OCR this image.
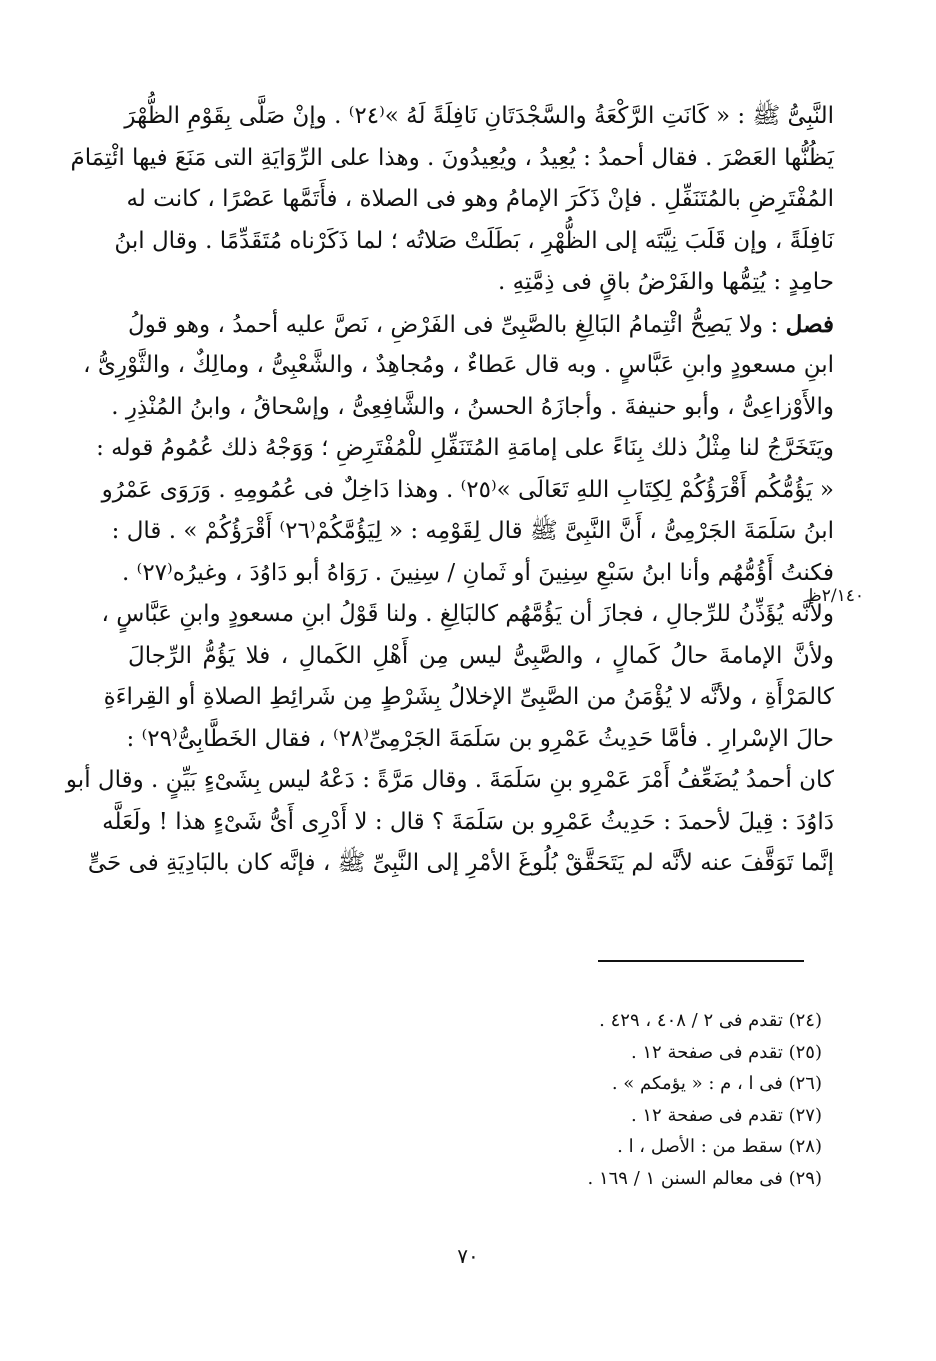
النَّبِىُّ ﷺ : « كَانَتِ الرَّكْعَةُ والسَّجْدَتَانِ نَافِلَةً لَهُ »⁽٢٤⁾ . وإنْ صَلَّى بِقَوْمِ الظُّهْرَ
يَظُنُّها العَصْرَ . فقال أحمدُ : يُعِيدُ ، ويُعِيدُونَ . وهذا على الرِّوَايَةِ التى مَنَعَ فيها ائْتِمَامَ
المُفْتَرِضِ بالمُتَنَفِّلِ . فإنْ ذَكَرَ الإمامُ وهو فى الصلاة ، فأَتَمَّها عَصْرًا ، كانت له
نَافِلَةً ، وإن قَلَبَ نِيَّتَه إلى الظُّهْرِ ، بَطَلَتْ صَلاتُه ؛ لما ذَكَرْناه مُتَقَدِّمًا . وقال ابنُ
حامِدٍ : يُتِمُّها والفَرْضُ باقٍ فى ذِمَّتِهِ .
فصل : ولا يَصِحُّ ائْتِمامُ البَالِغِ بالصَّبِىِّ فى الفَرْضِ ، نَصَّ عليه أحمدُ ، وهو قولُ
ابنِ مسعودٍ وابنِ عَبَّاسٍ . وبه قال عَطاءٌ ، ومُجاهِدٌ ، والشَّعْبِىُّ ، ومالِكٌ ، والثَّوْرِىُّ ،
والأَوْزاعِىُّ ، وأبو حنيفةَ . وأجازَهُ الحسنُ ، والشَّافِعِىُّ ، وإسْحاقُ ، وابنُ المُنْذِرِ .
ويَتَخَرَّجُ لنا مِثْلُ ذلك بِنَاءً على إمامَةِ المُتَنَفِّلِ للْمُفْتَرِضِ ؛ وَوَجْهُ ذلك عُمُومُ قوله :
« يَؤُمُّكُم أَقْرَؤُكُمْ لِكِتَابِ اللهِ تَعَالَى »⁽٢٥⁾ . وهذا دَاخِلٌ فى عُمُومِهِ . وَرَوَى عَمْرُو
ابنُ سَلَمَةَ الجَرْمِىُّ ، أَنَّ النَّبِىَّ ﷺ قال لِقَوْمِه : « لِيَؤُمَّكُمْ⁽٢٦⁾ أَقْرَؤُكُمْ » . قال :
فكنتُ أَؤُمُّهُم وأنا ابنُ سَبْعِ سِنِينَ أو ثَمانِ / سِنِينَ . رَوَاهُ أبو دَاوُدَ ، وغيرُه⁽٢٧⁾ .
ولأنَّه يُؤَذِّنُ للرِّجالِ ، فجازَ أن يَؤُمَّهُم كالبَالِغِ . ولنا قَوْلُ ابنِ مسعودٍ وابنِ عَبَّاسٍ ،
ولأنَّ الإمامةَ حالُ كَمالٍ ، والصَّبِىُّ ليس مِن أَهْلِ الكَمالِ ، فلا يَؤُمُّ الرِّجالَ
كالمَرْأَةِ ، ولأنَّه لا يُؤْمَنُ من الصَّبِىِّ الإخلالُ بِشَرْطٍ مِن شَرائِطِ الصلاةِ أو القِراءَةِ
حالَ الإسْرارِ . فأمَّا حَدِيثُ عَمْرِو بن سَلَمَةَ الجَرْمِىِّ⁽٢٨⁾ ، فقال الخَطَّابِىُّ⁽٢٩⁾ :
كان أحمدُ يُضَعِّفُ أَمْرَ عَمْرِو بنِ سَلَمَةَ . وقال مَرَّةً : دَعْهُ ليس بِشَىْءٍ بَيِّنٍ . وقال أبو
دَاوُدَ : قِيلَ لأحمدَ : حَدِيثُ عَمْرِو بن سَلَمَةَ ؟ قال : لا أَدْرِى أَىُّ شَىْءٍ هذا ! ولَعَلَّه
إنَّما تَوَقَّفَ عنه لأنَّه لم يَتَحَقَّقْ بُلُوغَ الأمْرِ إلى النَّبِىِّ ﷺ ، فإنَّه كان بالبَادِيَةِ فى حَىٍّ
٢/١٤٠ظ
(٢٤) تقدم فى ٢ / ٤٠٨ ، ٤٢٩ .
(٢٥) تقدم فى صفحة ١٢ .
(٢٦) فى ا ، م : « يؤمكم » .
(٢٧) تقدم فى صفحة ١٢ .
(٢٨) سقط من : الأصل ، ا .
(٢٩) فى معالم السنن ١ / ١٦٩ .
٧٠
